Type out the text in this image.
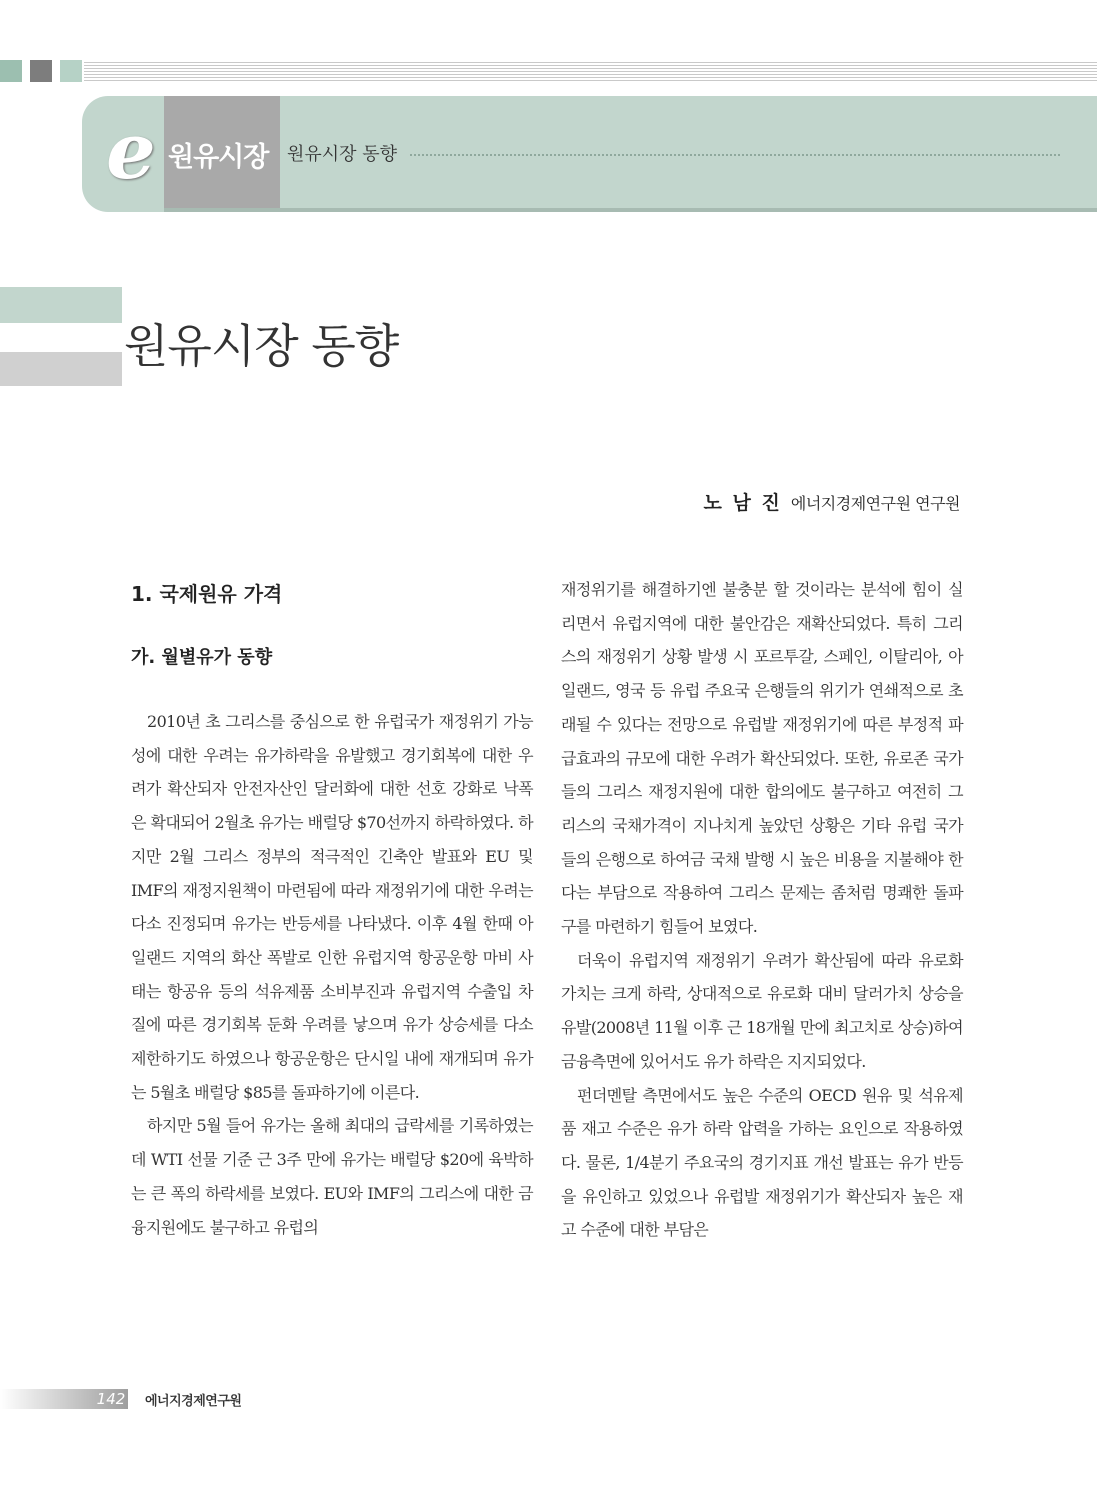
e 원유시장 원유시장 동향
원유시장 동향
노 남 진 에너지경제연구원 연구원
1. 국제원유 가격
가. 월별유가 동향

2010년 초 그리스를 중심으로 한 유럽국가 재정위기 가능성에 대한 우려는 유가하락을 유발했고 경기회복에 대한 우려가 확산되자 안전자산인 달러화에 대한 선호 강화로 낙폭은 확대되어 2월초 유가는 배럴당 $70선까지 하락하였다. 하지만 2월 그리스 정부의 적극적인 긴축안 발표와 EU 및 IMF의 재정지원책이 마련됨에 따라 재정위기에 대한 우려는 다소 진정되며 유가는 반등세를 나타냈다. 이후 4월 한때 아일랜드 지역의 화산 폭발로 인한 유럽지역 항공운항 마비 사태는 항공유 등의 석유제품 소비부진과 유럽지역 수출입 차질에 따른 경기회복 둔화 우려를 낳으며 유가 상승세를 다소 제한하기도 하였으나 항공운항은 단시일 내에 재개되며 유가는 5월초 배럴당 $85를 돌파하기에 이른다.

하지만 5월 들어 유가는 올해 최대의 급락세를 기록하였는데 WTI 선물 기준 근 3주 만에 유가는 배럴당 $20에 육박하는 큰 폭의 하락세를 보였다. EU와 IMF의 그리스에 대한 금융지원에도 불구하고 유럽의

재정위기를 해결하기엔 불충분 할 것이라는 분석에 힘이 실리면서 유럽지역에 대한 불안감은 재확산되었다. 특히 그리스의 재정위기 상황 발생 시 포르투갈, 스페인, 이탈리아, 아일랜드, 영국 등 유럽 주요국 은행들의 위기가 연쇄적으로 초래될 수 있다는 전망으로 유럽발 재정위기에 따른 부정적 파급효과의 규모에 대한 우려가 확산되었다. 또한, 유로존 국가들의 그리스 재정지원에 대한 합의에도 불구하고 여전히 그리스의 국채가격이 지나치게 높았던 상황은 기타 유럽 국가들의 은행으로 하여금 국채 발행 시 높은 비용을 지불해야 한다는 부담으로 작용하여 그리스 문제는 좀처럼 명쾌한 돌파구를 마련하기 힘들어 보였다.

더욱이 유럽지역 재정위기 우려가 확산됨에 따라 유로화 가치는 크게 하락, 상대적으로 유로화 대비 달러가치 상승을 유발(2008년 11월 이후 근 18개월 만에 최고치로 상승)하여 금융측면에 있어서도 유가 하락은 지지되었다.

펀더멘탈 측면에서도 높은 수준의 OECD 원유 및 석유제품 재고 수준은 유가 하락 압력을 가하는 요인으로 작용하였다. 물론, 1/4분기 주요국의 경기지표 개선 발표는 유가 반등을 유인하고 있었으나 유럽발 재정위기가 확산되자 높은 재고 수준에 대한 부담은

142 에너지경제연구원
